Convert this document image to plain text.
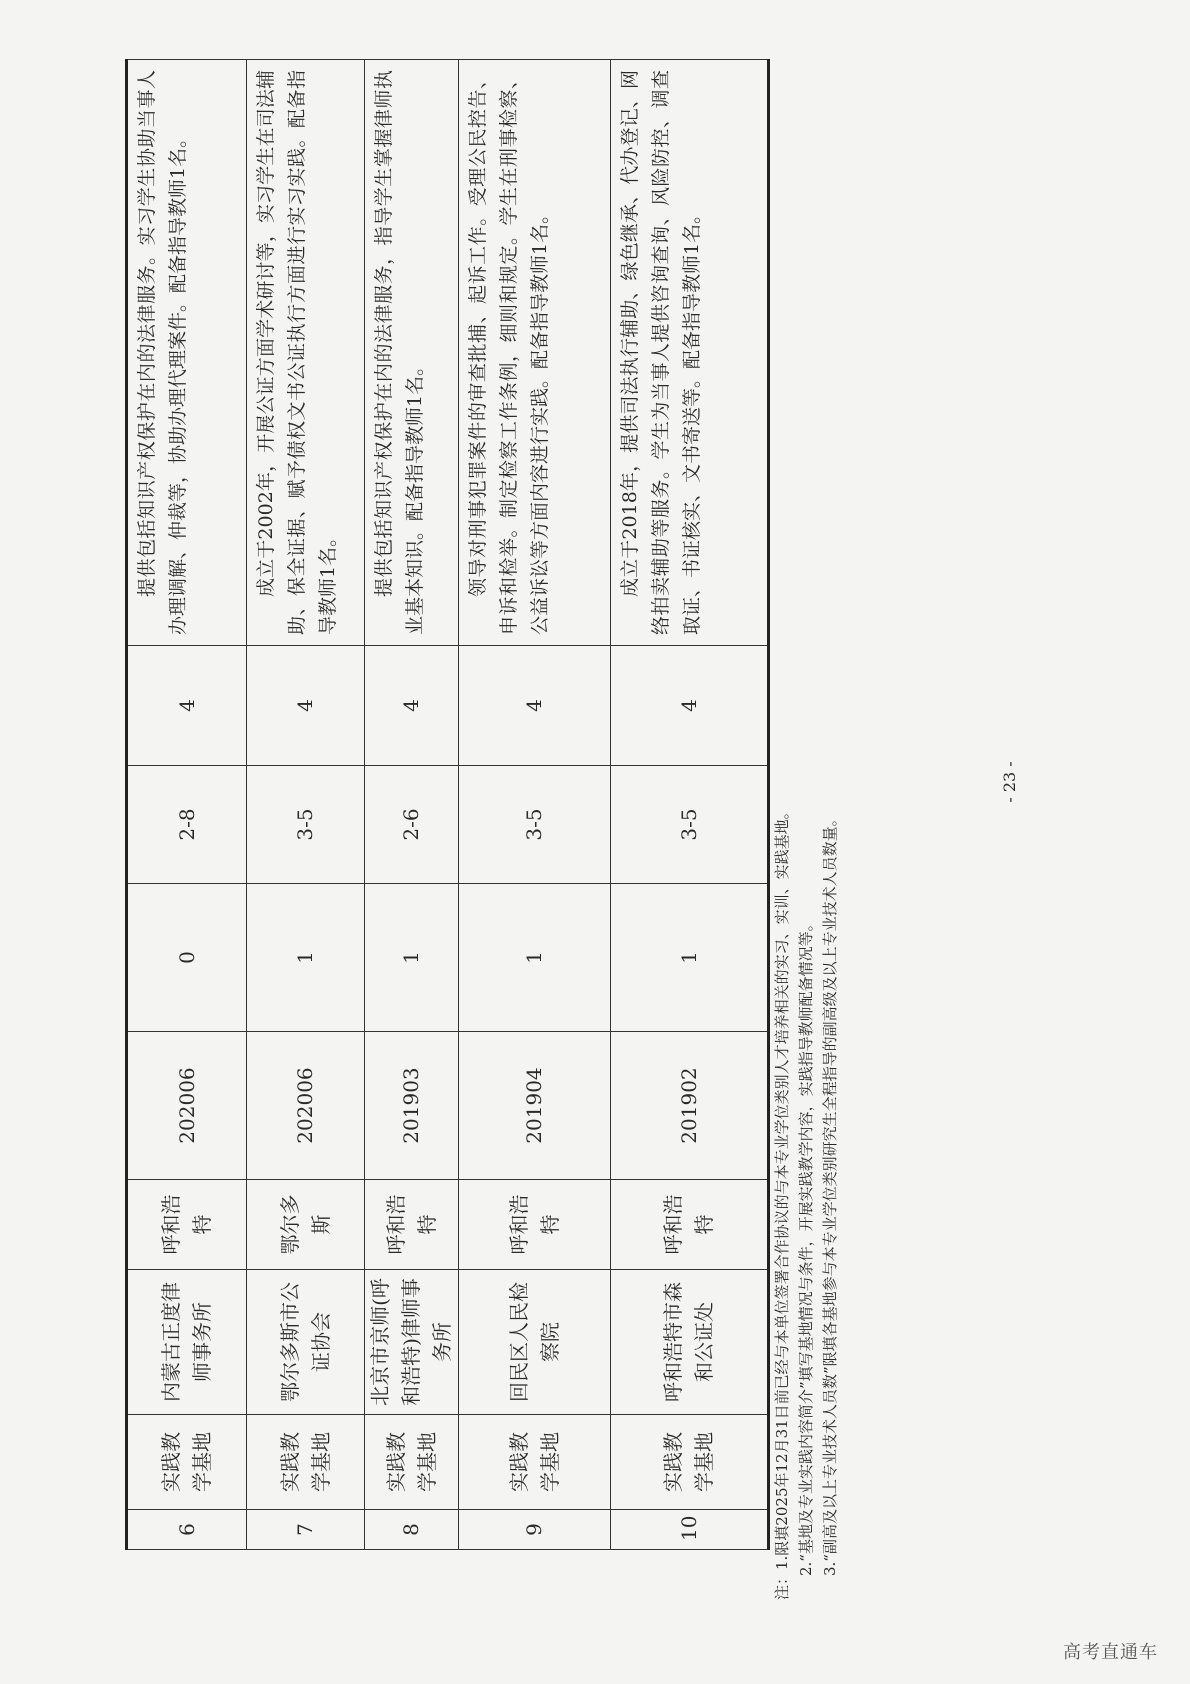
6	实践教学基地	内蒙古正度律师事务所	呼和浩特	202006	0	2-8	4	提供包括知识产权保护在内的法律服务。实习学生协助当事人办理调解、仲裁等，协助办理代理案件。配备指导教师1名。

7	实践教学基地	鄂尔多斯市公证协会	鄂尔多斯	202006	1	3-5	4	成立于2002年，开展公证方面学术研讨等，实习学生在司法辅助、保全证据、赋予债权文书公证执行方面进行实习实践。配备指导教师1名。

8	实践教学基地	北京市京师(呼和浩特)律师事务所	呼和浩特	201903	1	2-6	4	提供包括知识产权保护在内的法律服务，指导学生掌握律师执业基本知识。配备指导教师1名。

9	实践教学基地	回民区人民检察院	呼和浩特	201904	1	3-5	4	领导对刑事犯罪案件的审查批捕、起诉工作。受理公民控告、申诉和检举。制定检察工作条例，细则和规定。学生在刑事检察、公益诉讼等方面内容进行实践。配备指导教师1名。

10	实践教学基地	呼和浩特市森和公证处	呼和浩特	201902	1	3-5	4	成立于2018年，提供司法执行辅助、绿色继承、代办登记、网络拍卖辅助等服务。学生为当事人提供咨询查询、风险防控、调查取证、书证核实、文书寄送等。配备指导教师1名。
注：1.限填2025年12月31日前已经与本单位签署合作协议的与本专业学位类别人才培养相关的实习、实训、实践基地。 2.“基地及专业实践内容简介”填写基地情况与条件，开展实践教学内容，实践指导教师配备情况等。 3.“副高及以上专业技术人员数”限填各基地参与本专业学位类别研究生全程指导的副高级及以上专业技术人员数量。
- 23 -
高考直通车
